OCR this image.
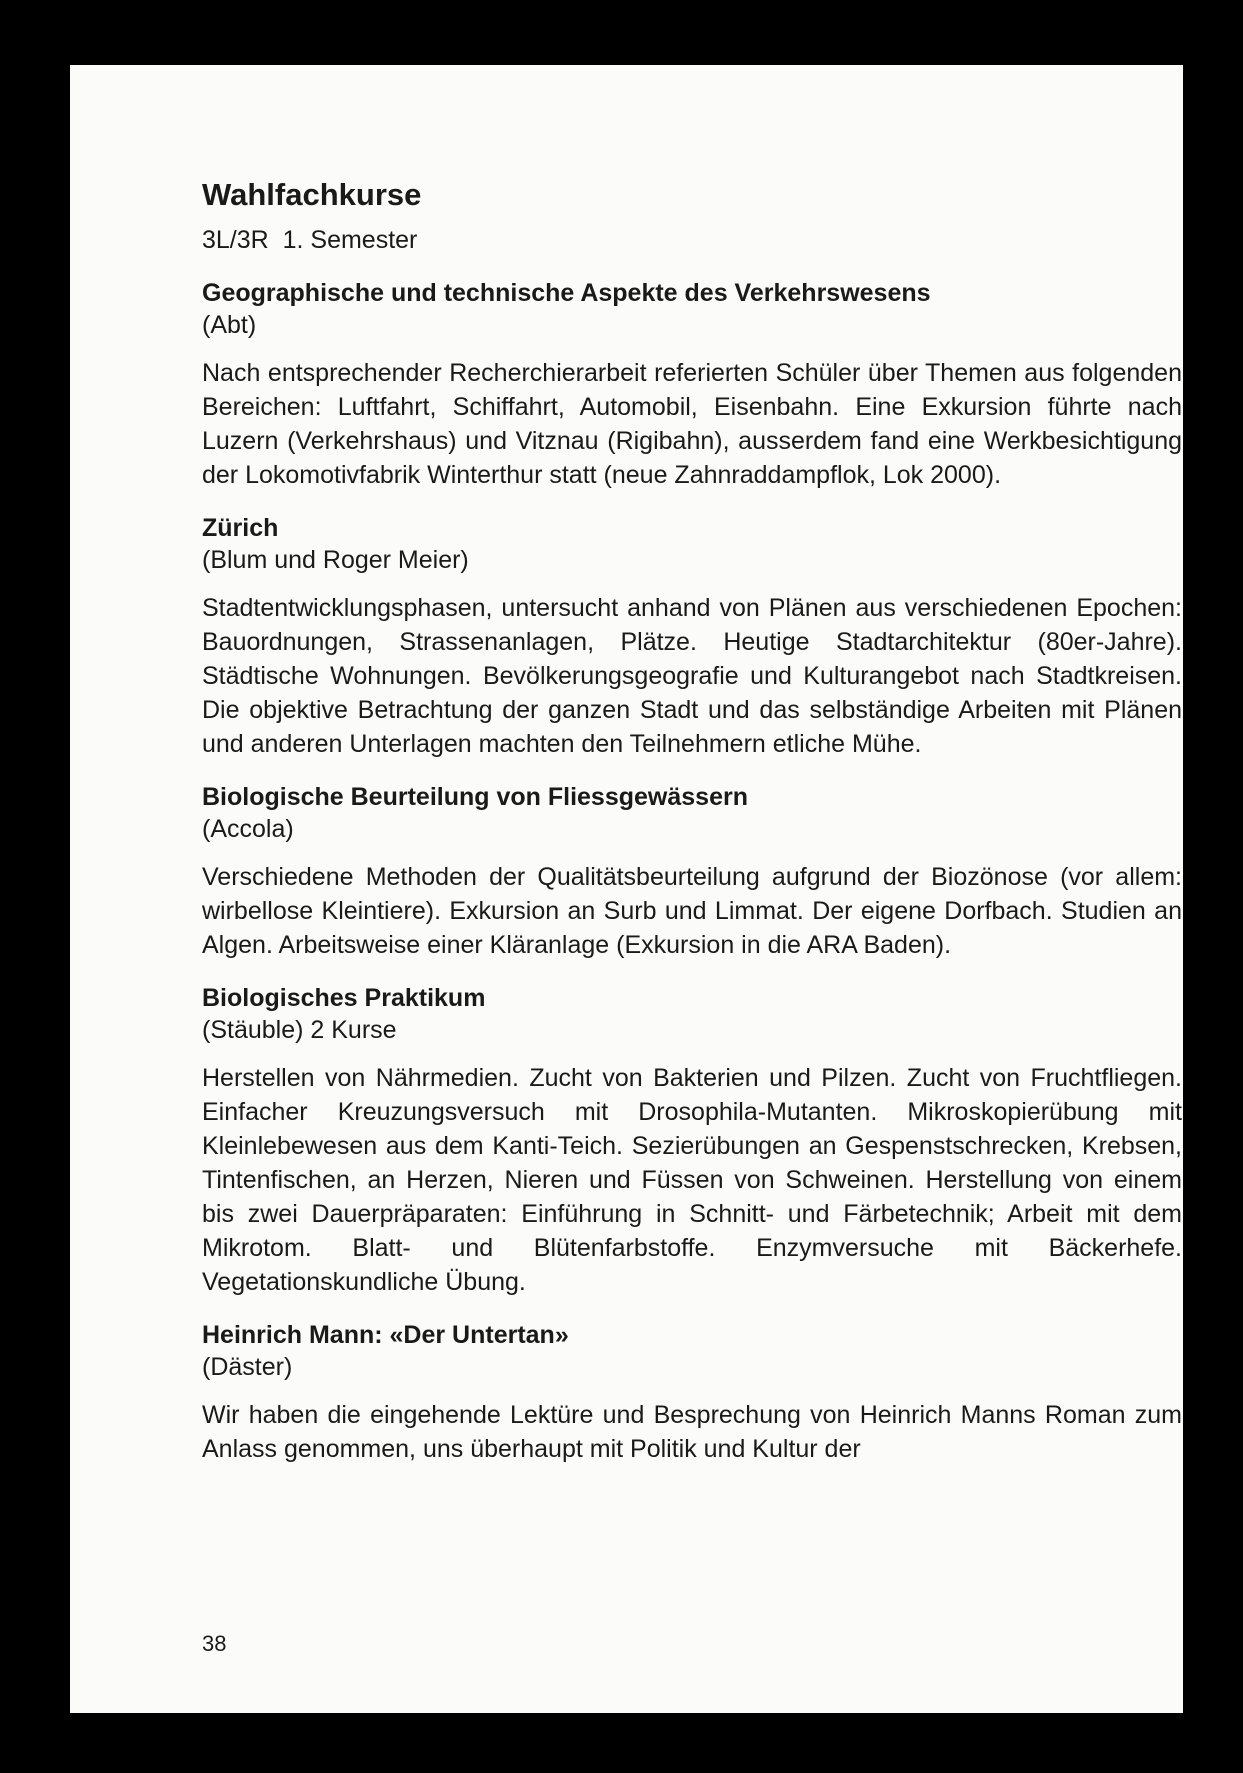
Wahlfachkurse
3L/3R  1. Semester
Geographische und technische Aspekte des Verkehrswesens
(Abt)

Nach entsprechender Recherchierarbeit referierten Schüler über Themen aus folgenden Bereichen: Luftfahrt, Schiffahrt, Automobil, Eisenbahn. Eine Exkursion führte nach Luzern (Verkehrshaus) und Vitznau (Rigibahn), ausserdem fand eine Werkbesichtigung der Lokomotivfabrik Winterthur statt (neue Zahnraddampflok, Lok 2000).

Zürich
(Blum und Roger Meier)

Stadtentwicklungsphasen, untersucht anhand von Plänen aus verschiedenen Epochen: Bauordnungen, Strassenanlagen, Plätze. Heutige Stadtarchitektur (80er-Jahre). Städtische Wohnungen. Bevölkerungsgeografie und Kulturangebot nach Stadtkreisen. Die objektive Betrachtung der ganzen Stadt und das selbständige Arbeiten mit Plänen und anderen Unterlagen machten den Teilnehmern etliche Mühe.

Biologische Beurteilung von Fliessgewässern
(Accola)

Verschiedene Methoden der Qualitätsbeurteilung aufgrund der Biozönose (vor allem: wirbellose Kleintiere). Exkursion an Surb und Limmat. Der eigene Dorfbach. Studien an Algen. Arbeitsweise einer Kläranlage (Exkursion in die ARA Baden).

Biologisches Praktikum
(Stäuble) 2 Kurse

Herstellen von Nährmedien. Zucht von Bakterien und Pilzen. Zucht von Fruchtfliegen. Einfacher Kreuzungsversuch mit Drosophila-Mutanten. Mikroskopierübung mit Kleinlebewesen aus dem Kanti-Teich. Sezierübungen an Gespenstschrecken, Krebsen, Tintenfischen, an Herzen, Nieren und Füssen von Schweinen. Herstellung von einem bis zwei Dauerpräparaten: Einführung in Schnitt- und Färbetechnik; Arbeit mit dem Mikrotom. Blatt- und Blütenfarbstoffe. Enzymversuche mit Bäckerhefe. Vegetationskundliche Übung.

Heinrich Mann: «Der Untertan»
(Däster)

Wir haben die eingehende Lektüre und Besprechung von Heinrich Manns Roman zum Anlass genommen, uns überhaupt mit Politik und Kultur der

38
